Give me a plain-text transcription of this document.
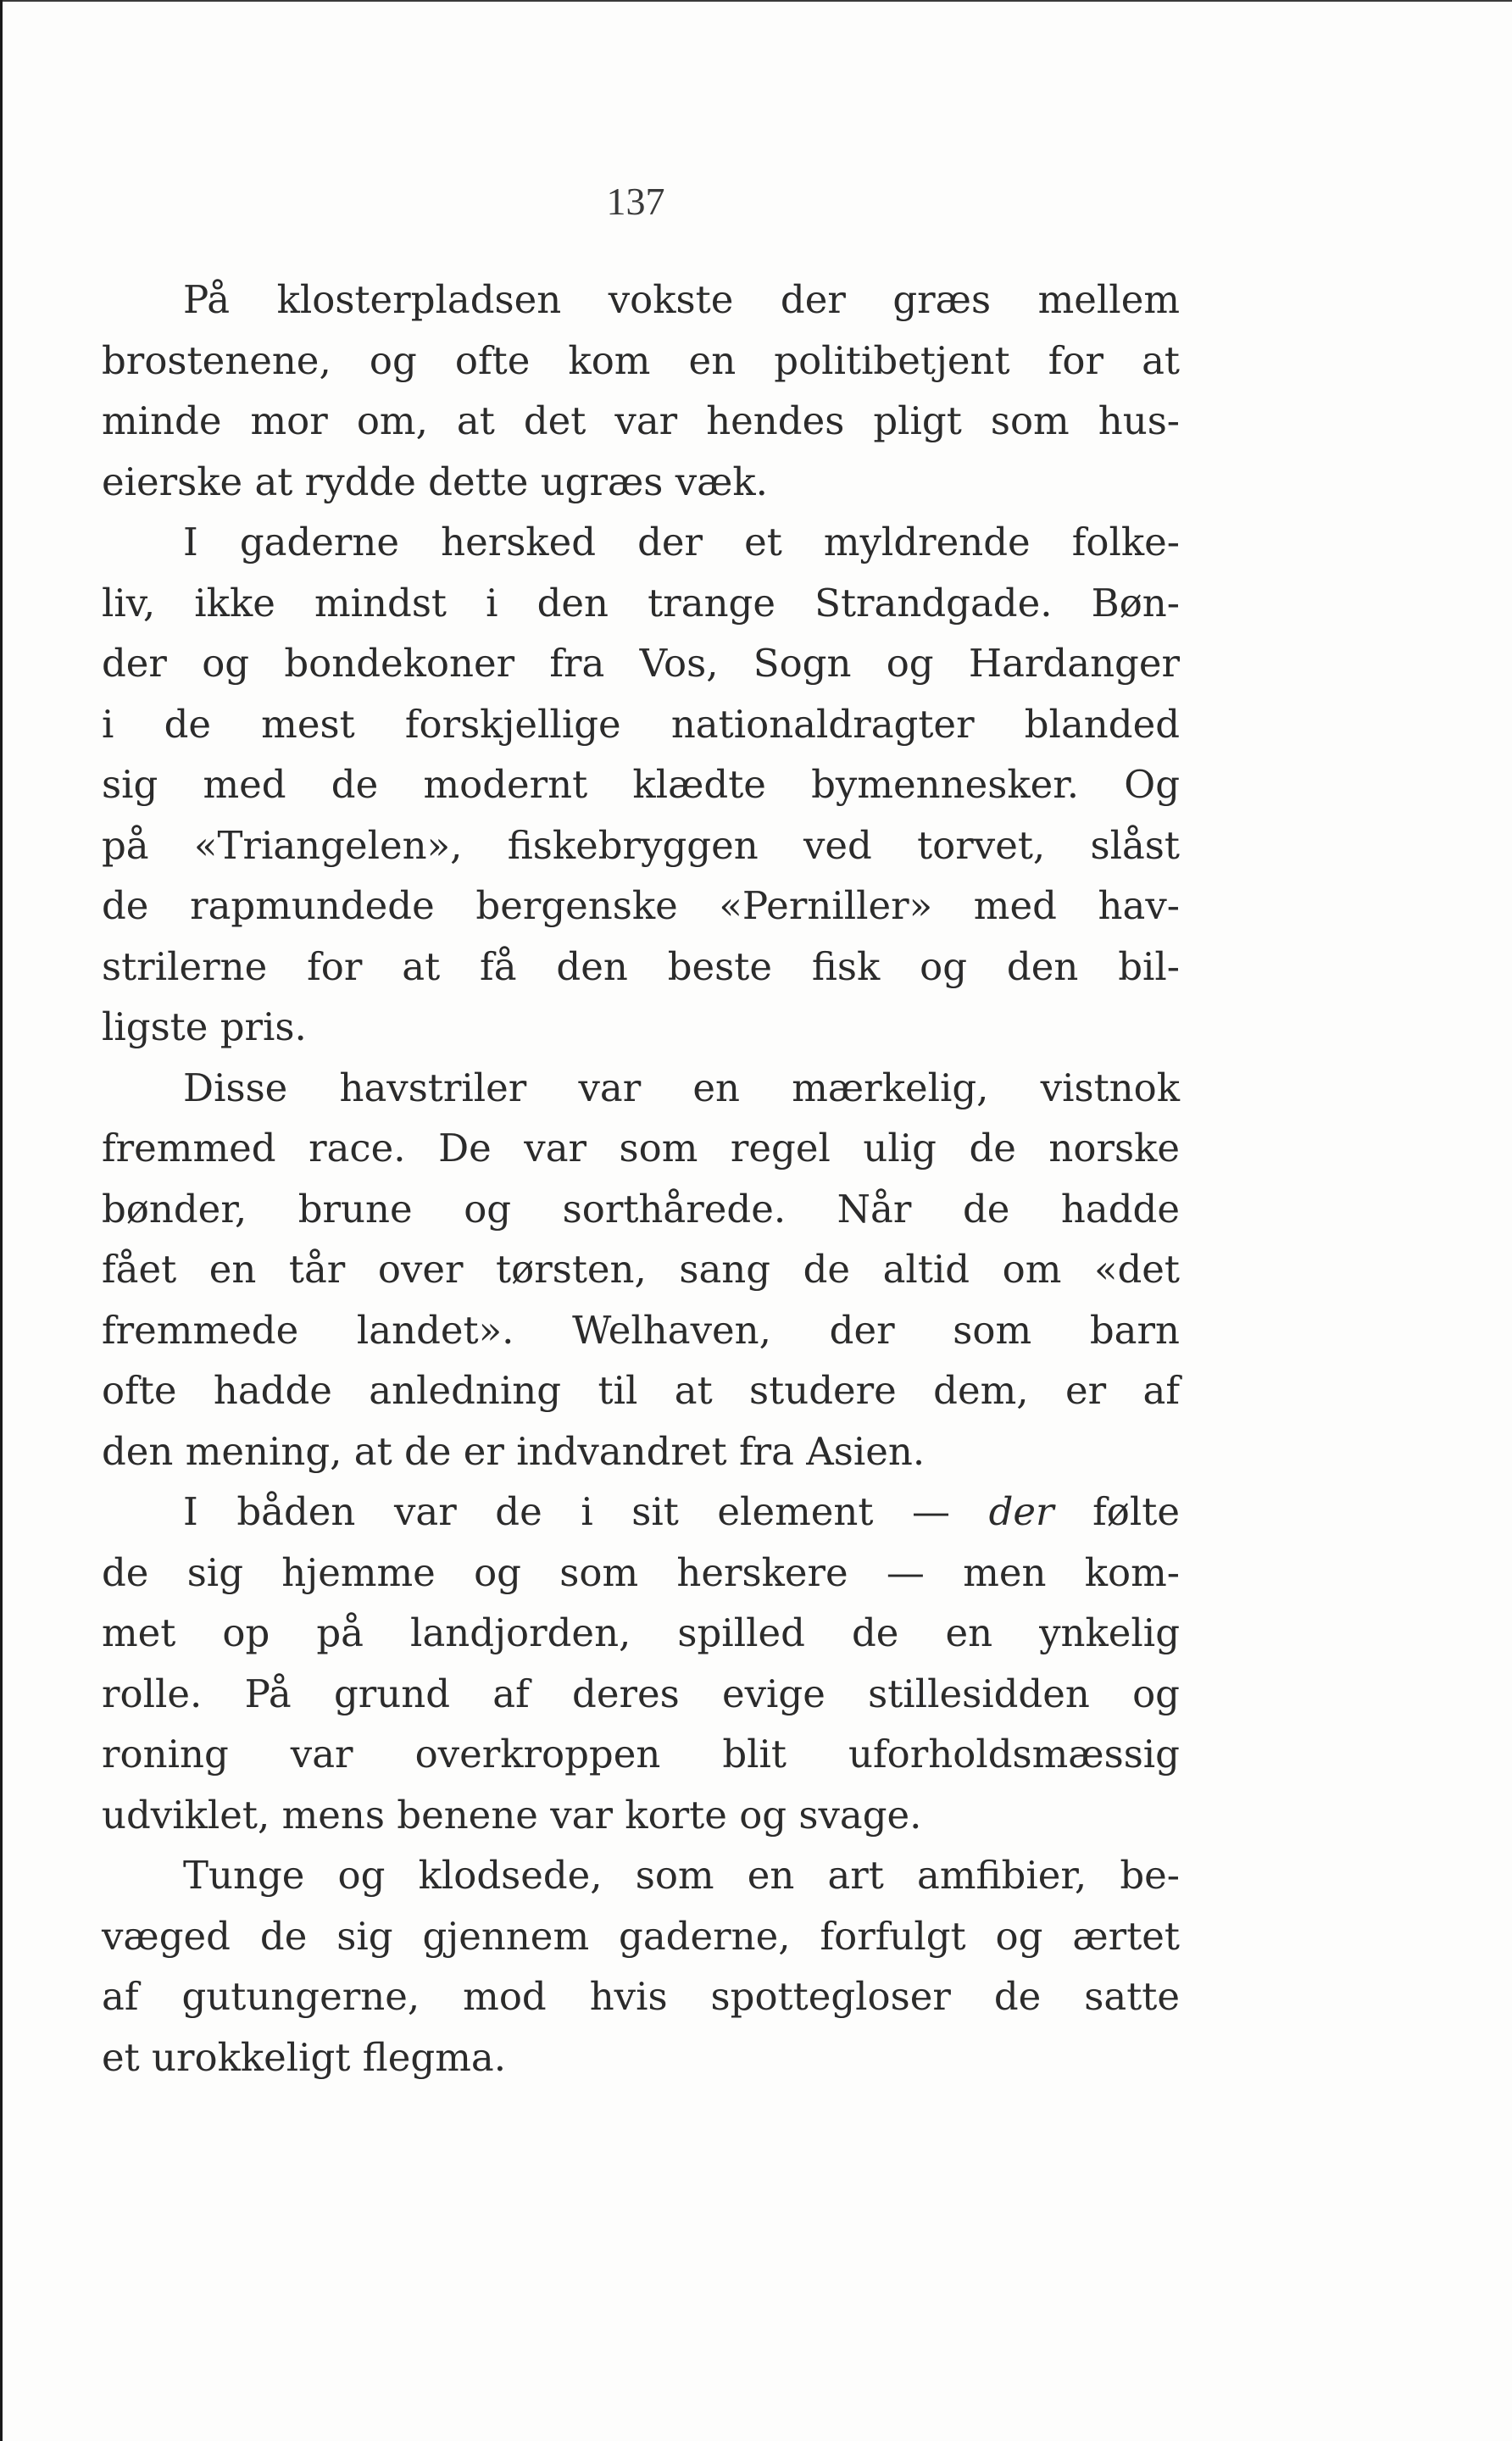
137
På klosterpladsen vokste der græs mellem
brostenene, og ofte kom en politibetjent for at
minde mor om, at det var hendes pligt som hus-
eierske at rydde dette ugræs væk.
I gaderne hersked der et myldrende folke-
liv, ikke mindst i den trange Strandgade. Bøn-
der og bondekoner fra Vos, Sogn og Hardanger
i de mest forskjellige nationaldragter blanded
sig med de modernt klædte bymennesker. Og
på «Triangelen», fiskebryggen ved torvet, slåst
de rapmundede bergenske «Perniller» med hav-
strilerne for at få den beste fisk og den bil-
ligste pris.
Disse havstriler var en mærkelig, vistnok
fremmed race. De var som regel ulig de norske
bønder, brune og sorthårede. Når de hadde
fået en tår over tørsten, sang de altid om «det
fremmede landet». Welhaven, der som barn
ofte hadde anledning til at studere dem, er af
den mening, at de er indvandret fra Asien.
I båden var de i sit element — der følte
de sig hjemme og som herskere — men kom-
met op på landjorden, spilled de en ynkelig
rolle. På grund af deres evige stillesidden og
roning var overkroppen blit uforholdsmæssig
udviklet, mens benene var korte og svage.
Tunge og klodsede, som en art amfibier, be-
væged de sig gjennem gaderne, forfulgt og ærtet
af gutungerne, mod hvis spottegloser de satte
et urokkeligt flegma.
